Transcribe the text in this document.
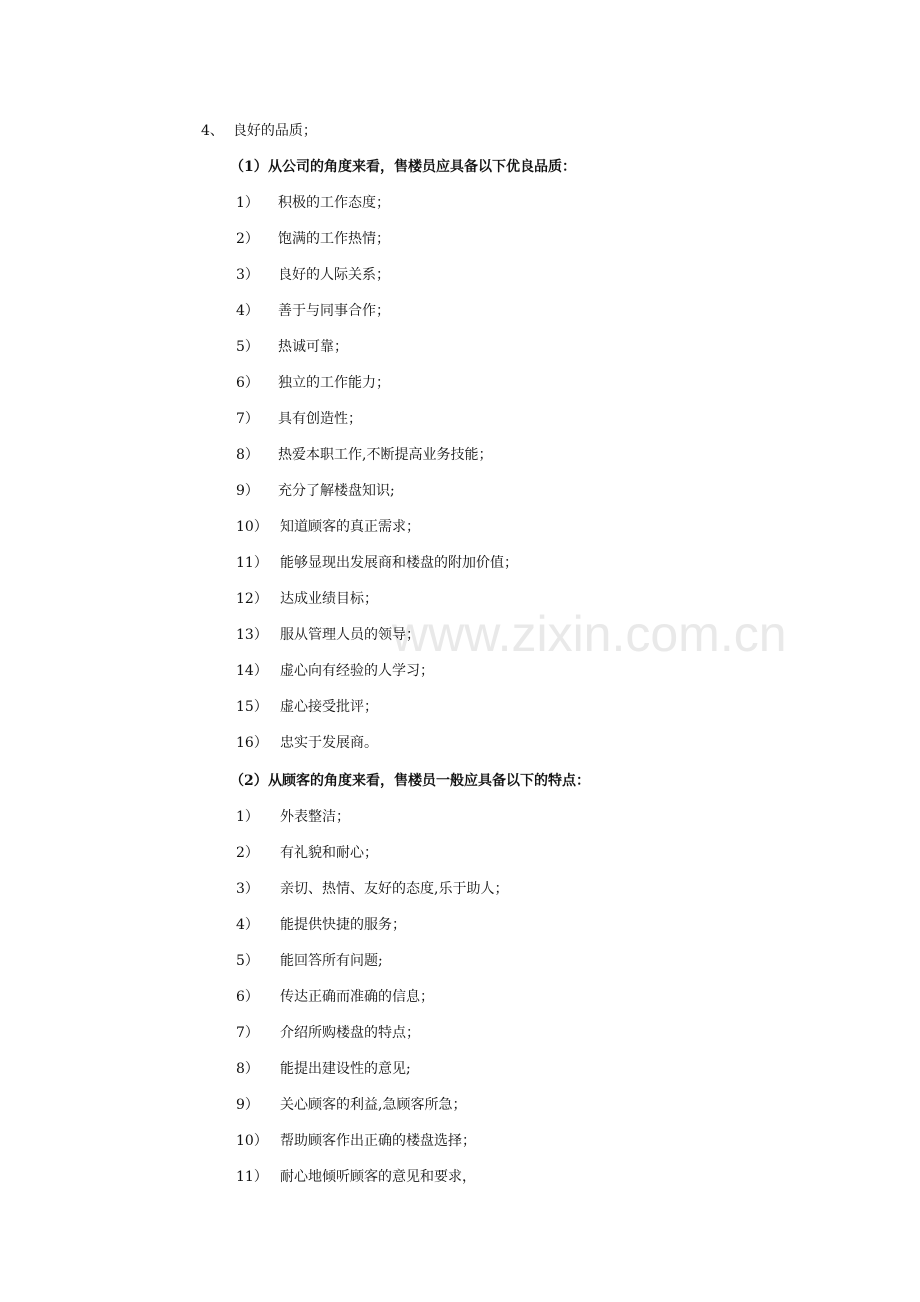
www.zixin.com.cn
4、 良好的品质；
（1）从公司的角度来看，售楼员应具备以下优良品质：
1） 积极的工作态度；
2） 饱满的工作热情；
3） 良好的人际关系；
4） 善于与同事合作；
5） 热诚可靠；
6） 独立的工作能力；
7） 具有创造性；
8） 热爱本职工作,不断提高业务技能；
9） 充分了解楼盘知识;
10） 知道顾客的真正需求；
11） 能够显现出发展商和楼盘的附加价值；
12） 达成业绩目标；
13） 服从管理人员的领导；
14） 虚心向有经验的人学习；
15） 虚心接受批评；
16） 忠实于发展商。
（2）从顾客的角度来看，售楼员一般应具备以下的特点：
1） 外表整洁；
2） 有礼貌和耐心；
3） 亲切、热情、友好的态度,乐于助人；
4） 能提供快捷的服务；
5） 能回答所有问题;
6） 传达正确而准确的信息；
7） 介绍所购楼盘的特点；
8） 能提出建设性的意见;
9） 关心顾客的利益,急顾客所急；
10） 帮助顾客作出正确的楼盘选择；
11） 耐心地倾听顾客的意见和要求，
